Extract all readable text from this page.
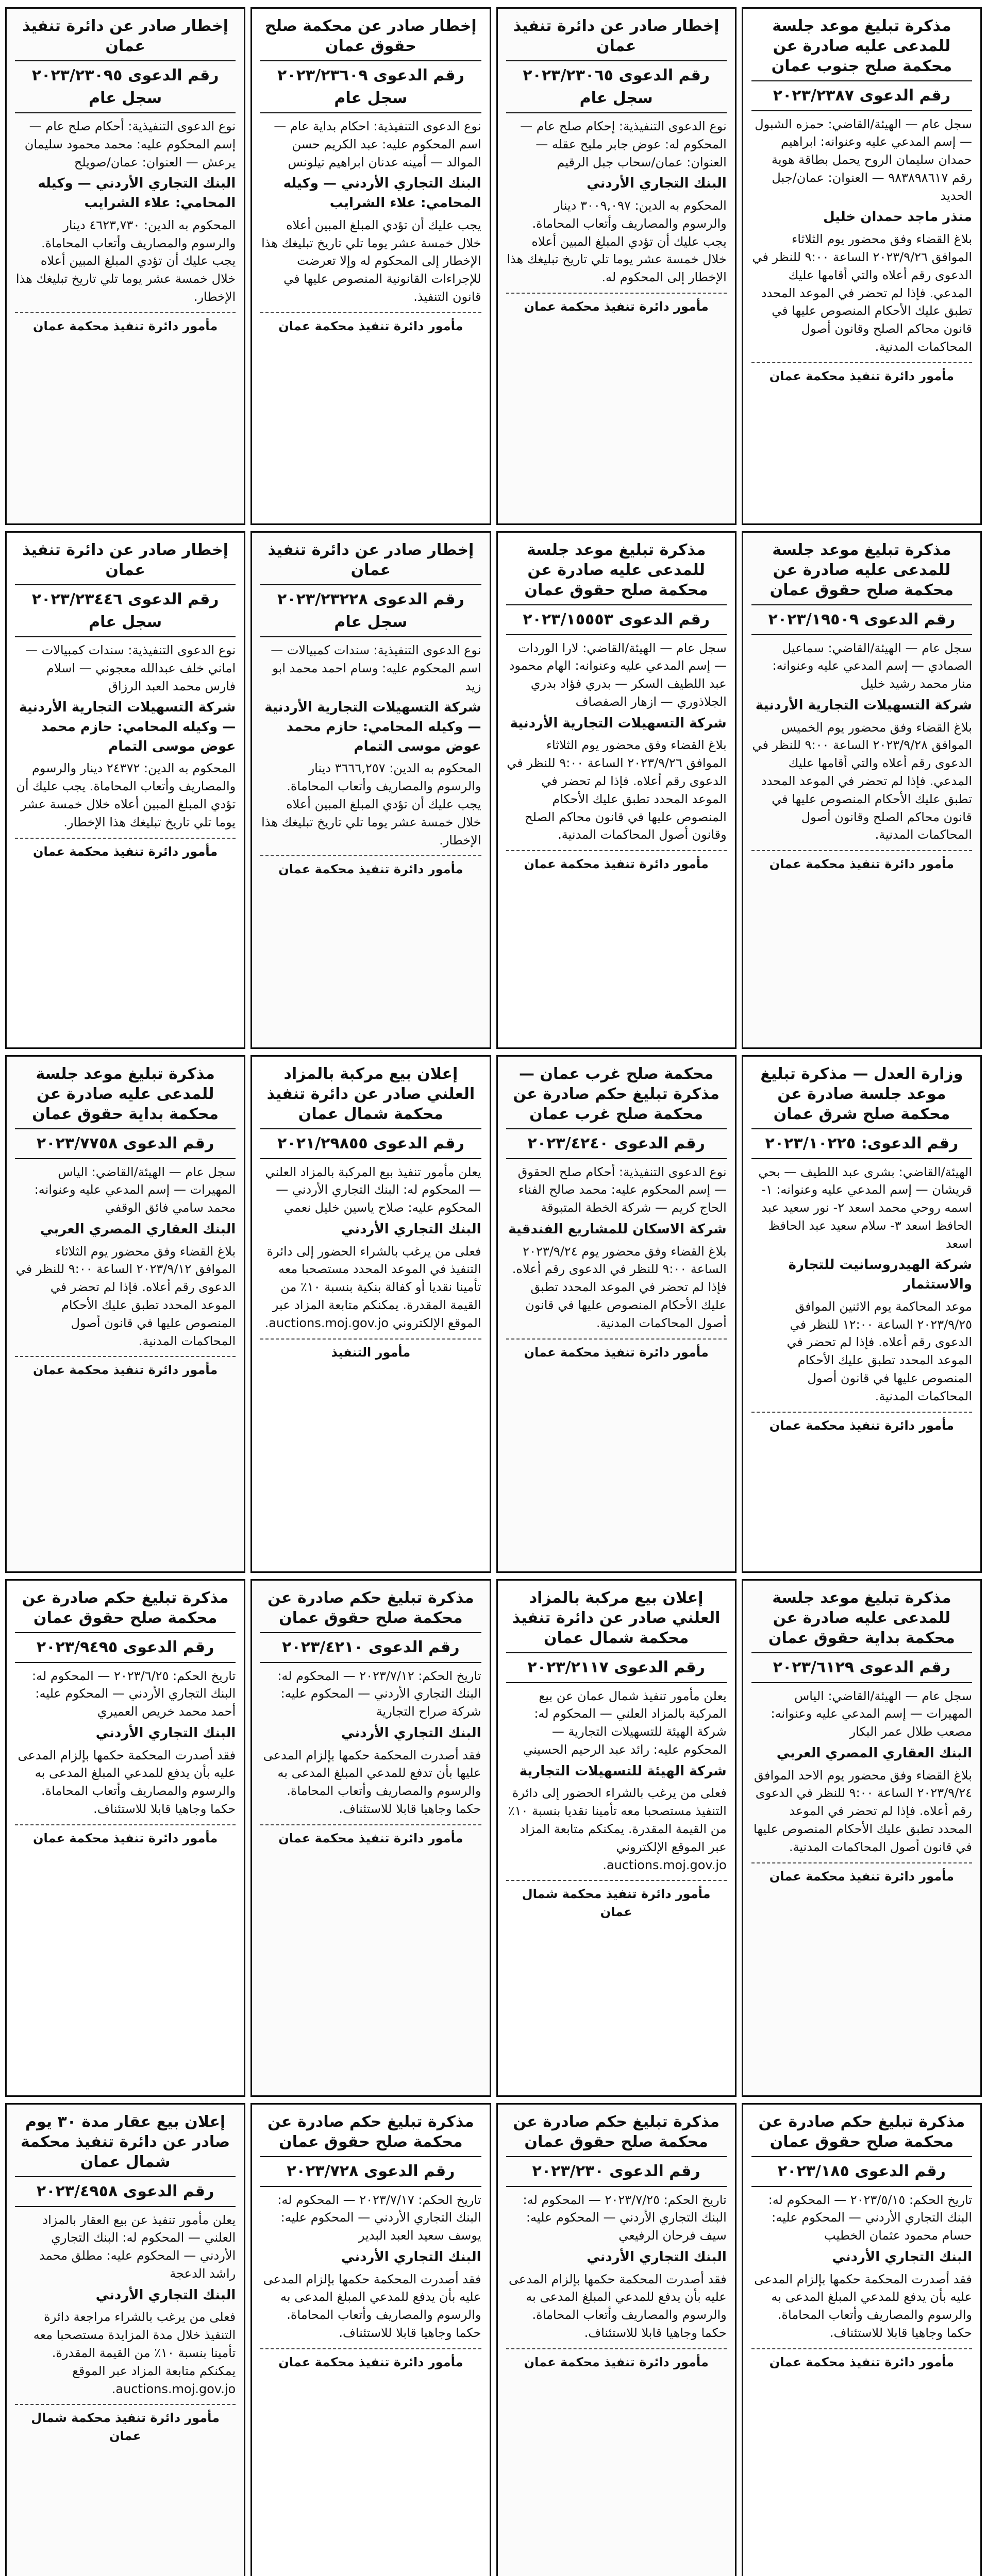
مذكرة تبليغ موعد جلسة للمدعى عليه صادرة عن محكمة صلح جنوب عمان
رقم الدعوى ٢٠٢٣/٢٣٨٧

سجل عام — الهيئة/القاضي: حمزه الشبول — إسم المدعي عليه وعنوانه: ابراهيم حمدان سليمان الروح يحمل بطاقة هوية رقم ٩٨٣٨٩٨٦١٧ — العنوان: عمان/جبل الحديد

منذر ماجد حمدان خليل

بلاغ القضاء وفق محضور يوم الثلاثاء الموافق ٢٠٢٣/٩/٢٦ الساعة ٩:٠٠ للنظر في الدعوى رقم أعلاه والتي أقامها عليك المدعي. فإذا لم تحضر في الموعد المحدد تطبق عليك الأحكام المنصوص عليها في قانون محاكم الصلح وقانون أصول المحاكمات المدنية.

مأمور دائرة تنفيذ محكمة عمان
إخطار صادر عن دائرة تنفيذ عمان
رقم الدعوى ٢٠٢٣/٢٣٠٦٥ سجل عام

نوع الدعوى التنفيذية: إحكام صلح عام — المحكوم له: عوض جابر مليح عقله — العنوان: عمان/سحاب جبل الرقيم

البنك التجاري الأردني

المحكوم به الدين: ٣٠٠٩,٠٩٧ دينار والرسوم والمصاريف وأتعاب المحاماة. يجب عليك أن تؤدي المبلغ المبين أعلاه خلال خمسة عشر يوما تلي تاريخ تبليغك هذا الإخطار إلى المحكوم له.

مأمور دائرة تنفيذ محكمة عمان
إخطار صادر عن محكمة صلح حقوق عمان
رقم الدعوى ٢٠٢٣/٢٣٦٠٩ سجل عام

نوع الدعوى التنفيذية: احكام بداية عام — اسم المحكوم عليه: عبد الكريم حسن الموالد — أمينه عدنان ابراهيم تيلونس

البنك التجاري الأردني — وكيله المحامي: علاء الشرايب

يجب عليك أن تؤدي المبلغ المبين أعلاه خلال خمسة عشر يوما تلي تاريخ تبليغك هذا الإخطار إلى المحكوم له وإلا تعرضت للإجراءات القانونية المنصوص عليها في قانون التنفيذ.

مأمور دائرة تنفيذ محكمة عمان
إخطار صادر عن دائرة تنفيذ عمان
رقم الدعوى ٢٠٢٣/٢٣٠٩٥ سجل عام

نوع الدعوى التنفيذية: أحكام صلح عام — إسم المحكوم عليه: محمد محمود سليمان يرعش — العنوان: عمان/صويلح

البنك التجاري الأردني — وكيله المحامي: علاء الشرايب

المحكوم به الدين: ٤٦٢٣,٧٣٠ دينار والرسوم والمصاريف وأتعاب المحاماة. يجب عليك أن تؤدي المبلغ المبين أعلاه خلال خمسة عشر يوما تلي تاريخ تبليغك هذا الإخطار.

مأمور دائرة تنفيذ محكمة عمان
مذكرة تبليغ موعد جلسة للمدعى عليه صادرة عن محكمة صلح حقوق عمان
رقم الدعوى ٢٠٢٣/١٩٥٠٩

سجل عام — الهيئة/القاضي: سماعيل الصمادي — إسم المدعي عليه وعنوانه: منار محمد رشيد خليل

شركة التسهيلات التجارية الأردنية

بلاغ القضاء وفق محضور يوم الخميس الموافق ٢٠٢٣/٩/٢٨ الساعة ٩:٠٠ للنظر في الدعوى رقم أعلاه والتي أقامها عليك المدعي. فإذا لم تحضر في الموعد المحدد تطبق عليك الأحكام المنصوص عليها في قانون محاكم الصلح وقانون أصول المحاكمات المدنية.

مأمور دائرة تنفيذ محكمة عمان
مذكرة تبليغ موعد جلسة للمدعى عليه صادرة عن محكمة صلح حقوق عمان
رقم الدعوى ٢٠٢٣/١٥٥٥٣

سجل عام — الهيئة/القاضي: لارا الوردات — إسم المدعي عليه وعنوانه: الهام محمود عبد اللطيف السكر — بدري فؤاد بدري الجلاذوري — ازهار الصفصاف

شركة التسهيلات التجارية الأردنية

بلاغ القضاء وفق محضور يوم الثلاثاء الموافق ٢٠٢٣/٩/٢٦ الساعة ٩:٠٠ للنظر في الدعوى رقم أعلاه. فإذا لم تحضر في الموعد المحدد تطبق عليك الأحكام المنصوص عليها في قانون محاكم الصلح وقانون أصول المحاكمات المدنية.

مأمور دائرة تنفيذ محكمة عمان
إخطار صادر عن دائرة تنفيذ عمان
رقم الدعوى ٢٠٢٣/٢٣٢٢٨ سجل عام

نوع الدعوى التنفيذية: سندات كمبيالات — اسم المحكوم عليه: وسام احمد محمد ابو زيد

شركة التسهيلات التجارية الأردنية — وكيله المحامي: حازم محمد عوض موسى التمام

المحكوم به الدين: ٣٦٦٦,٢٥٧ دينار والرسوم والمصاريف وأتعاب المحاماة. يجب عليك أن تؤدي المبلغ المبين أعلاه خلال خمسة عشر يوما تلي تاريخ تبليغك هذا الإخطار.

مأمور دائرة تنفيذ محكمة عمان
إخطار صادر عن دائرة تنفيذ عمان
رقم الدعوى ٢٠٢٣/٢٣٤٤٦ سجل عام

نوع الدعوى التنفيذية: سندات كمبيالات — اماني خلف عبدالله معجوني — اسلام فارس محمد العبد الرزاق

شركة التسهيلات التجارية الأردنية — وكيله المحامي: حازم محمد عوض موسى التمام

المحكوم به الدين: ٢٤٣٧٢ دينار والرسوم والمصاريف وأتعاب المحاماة. يجب عليك أن تؤدي المبلغ المبين أعلاه خلال خمسة عشر يوما تلي تاريخ تبليغك هذا الإخطار.

مأمور دائرة تنفيذ محكمة عمان
وزارة العدل — مذكرة تبليغ موعد جلسة صادرة عن محكمة صلح شرق عمان
رقم الدعوى: ٢٠٢٣/١٠٢٢٥

الهيئة/القاضي: بشرى عبد اللطيف — بحي قريشان — إسم المدعي عليه وعنوانه: ١- اسمه روحي محمد اسعد ٢- نور سعيد عبد الحافظ اسعد ٣- سلام سعيد عبد الحافظ اسعد

شركة الهيدروسانيت للتجارة والاستثمار

موعد المحاكمة يوم الاثنين الموافق ٢٠٢٣/٩/٢٥ الساعة ١٢:٠٠ للنظر في الدعوى رقم أعلاه. فإذا لم تحضر في الموعد المحدد تطبق عليك الأحكام المنصوص عليها في قانون أصول المحاكمات المدنية.

مأمور دائرة تنفيذ محكمة عمان
محكمة صلح غرب عمان — مذكرة تبليغ حكم صادرة عن محكمة صلح غرب عمان
رقم الدعوى ٢٠٢٣/٤٢٤٠

نوع الدعوى التنفيذية: أحكام صلح الحقوق — إسم المحكوم عليه: محمد صالح الفناء الحاج كريم — شركة الخطة المتبوقة

شركة الاسكان للمشاريع الفندقية

بلاغ القضاء وفق محضور يوم ٢٠٢٣/٩/٢٤ الساعة ٩:٠٠ للنظر في الدعوى رقم أعلاه. فإذا لم تحضر في الموعد المحدد تطبق عليك الأحكام المنصوص عليها في قانون أصول المحاكمات المدنية.

مأمور دائرة تنفيذ محكمة عمان
إعلان بيع مركبة بالمزاد العلني صادر عن دائرة تنفيذ محكمة شمال عمان
رقم الدعوى ٢٠٢١/٢٩٨٥٥

يعلن مأمور تنفيذ بيع المركبة بالمزاد العلني — المحكوم له: البنك التجاري الأردني — المحكوم عليه: صلاح ياسين خليل نعمي

البنك التجاري الأردني

فعلى من يرغب بالشراء الحضور إلى دائرة التنفيذ في الموعد المحدد مستصحبا معه تأمينا نقديا أو كفالة بنكية بنسبة ١٠٪ من القيمة المقدرة. يمكنكم متابعة المزاد عبر الموقع الإلكتروني auctions.moj.gov.jo.

مأمور التنفيذ
مذكرة تبليغ موعد جلسة للمدعى عليه صادرة عن محكمة بداية حقوق عمان
رقم الدعوى ٢٠٢٣/٧٧٥٨

سجل عام — الهيئة/القاضي: الياس المهيرات — إسم المدعي عليه وعنوانه: محمد سامي فائق الوقفي

البنك العقاري المصري العربي

بلاغ القضاء وفق محضور يوم الثلاثاء الموافق ٢٠٢٣/٩/١٢ الساعة ٩:٠٠ للنظر في الدعوى رقم أعلاه. فإذا لم تحضر في الموعد المحدد تطبق عليك الأحكام المنصوص عليها في قانون أصول المحاكمات المدنية.

مأمور دائرة تنفيذ محكمة عمان
مذكرة تبليغ موعد جلسة للمدعى عليه صادرة عن محكمة بداية حقوق عمان
رقم الدعوى ٢٠٢٣/٦١٢٩

سجل عام — الهيئة/القاضي: الياس المهيرات — إسم المدعي عليه وعنوانه: مصعب طلال عمر البكار

البنك العقاري المصري العربي

بلاغ القضاء وفق محضور يوم الاحد الموافق ٢٠٢٣/٩/٢٤ الساعة ٩:٠٠ للنظر في الدعوى رقم أعلاه. فإذا لم تحضر في الموعد المحدد تطبق عليك الأحكام المنصوص عليها في قانون أصول المحاكمات المدنية.

مأمور دائرة تنفيذ محكمة عمان
إعلان بيع مركبة بالمزاد العلني صادر عن دائرة تنفيذ محكمة شمال عمان
رقم الدعوى ٢٠٢٣/٢١١٧

يعلن مأمور تنفيذ شمال عمان عن بيع المركبة بالمزاد العلني — المحكوم له: شركة الهيئة للتسهيلات التجارية — المحكوم عليه: رائد عبد الرحيم الحسيني

شركة الهيئة للتسهيلات التجارية

فعلى من يرغب بالشراء الحضور إلى دائرة التنفيذ مستصحبا معه تأمينا نقديا بنسبة ١٠٪ من القيمة المقدرة. يمكنكم متابعة المزاد عبر الموقع الإلكتروني auctions.moj.gov.jo.

مأمور دائرة تنفيذ محكمة شمال عمان
مذكرة تبليغ حكم صادرة عن محكمة صلح حقوق عمان
رقم الدعوى ٢٠٢٣/٤٢١٠

تاريخ الحكم: ٢٠٢٣/٧/١٢ — المحكوم له: البنك التجاري الأردني — المحكوم عليه: شركة صراح التجارية

البنك التجاري الأردني

فقد أصدرت المحكمة حكمها بإلزام المدعى عليها بأن تدفع للمدعي المبلغ المدعى به والرسوم والمصاريف وأتعاب المحاماة. حكما وجاهيا قابلا للاستئناف.

مأمور دائرة تنفيذ محكمة عمان
مذكرة تبليغ حكم صادرة عن محكمة صلح حقوق عمان
رقم الدعوى ٢٠٢٣/٩٤٩٥

تاريخ الحكم: ٢٠٢٣/٦/٢٥ — المحكوم له: البنك التجاري الأردني — المحكوم عليه: أحمد محمد خريص العميري

البنك التجاري الأردني

فقد أصدرت المحكمة حكمها بإلزام المدعى عليه بأن يدفع للمدعي المبلغ المدعى به والرسوم والمصاريف وأتعاب المحاماة. حكما وجاهيا قابلا للاستئناف.

مأمور دائرة تنفيذ محكمة عمان
مذكرة تبليغ حكم صادرة عن محكمة صلح حقوق عمان
رقم الدعوى ٢٠٢٣/١٨٥

تاريخ الحكم: ٢٠٢٣/٥/١٥ — المحكوم له: البنك التجاري الأردني — المحكوم عليه: حسام محمود عثمان الخطيب

البنك التجاري الأردني

فقد أصدرت المحكمة حكمها بإلزام المدعى عليه بأن يدفع للمدعي المبلغ المدعى به والرسوم والمصاريف وأتعاب المحاماة. حكما وجاهيا قابلا للاستئناف.

مأمور دائرة تنفيذ محكمة عمان
مذكرة تبليغ حكم صادرة عن محكمة صلح حقوق عمان
رقم الدعوى ٢٠٢٣/٢٣٠

تاريخ الحكم: ٢٠٢٣/٧/٢٥ — المحكوم له: البنك التجاري الأردني — المحكوم عليه: سيف فرحان الرفيعي

البنك التجاري الأردني

فقد أصدرت المحكمة حكمها بإلزام المدعى عليه بأن يدفع للمدعي المبلغ المدعى به والرسوم والمصاريف وأتعاب المحاماة. حكما وجاهيا قابلا للاستئناف.

مأمور دائرة تنفيذ محكمة عمان
مذكرة تبليغ حكم صادرة عن محكمة صلح حقوق عمان
رقم الدعوى ٢٠٢٣/٧٢٨

تاريخ الحكم: ٢٠٢٣/٧/١٧ — المحكوم له: البنك التجاري الأردني — المحكوم عليه: يوسف سعيد العبد البدير

البنك التجاري الأردني

فقد أصدرت المحكمة حكمها بإلزام المدعى عليه بأن يدفع للمدعي المبلغ المدعى به والرسوم والمصاريف وأتعاب المحاماة. حكما وجاهيا قابلا للاستئناف.

مأمور دائرة تنفيذ محكمة عمان
إعلان بيع عقار مدة ٣٠ يوم صادر عن دائرة تنفيذ محكمة شمال عمان
رقم الدعوى ٢٠٢٣/٤٩٥٨

يعلن مأمور تنفيذ عن بيع العقار بالمزاد العلني — المحكوم له: البنك التجاري الأردني — المحكوم عليه: مطلق محمد راشد الدعجة

البنك التجاري الأردني

فعلى من يرغب بالشراء مراجعة دائرة التنفيذ خلال مدة المزايدة مستصحبا معه تأمينا بنسبة ١٠٪ من القيمة المقدرة. يمكنكم متابعة المزاد عبر الموقع auctions.moj.gov.jo.

مأمور دائرة تنفيذ محكمة شمال عمان
